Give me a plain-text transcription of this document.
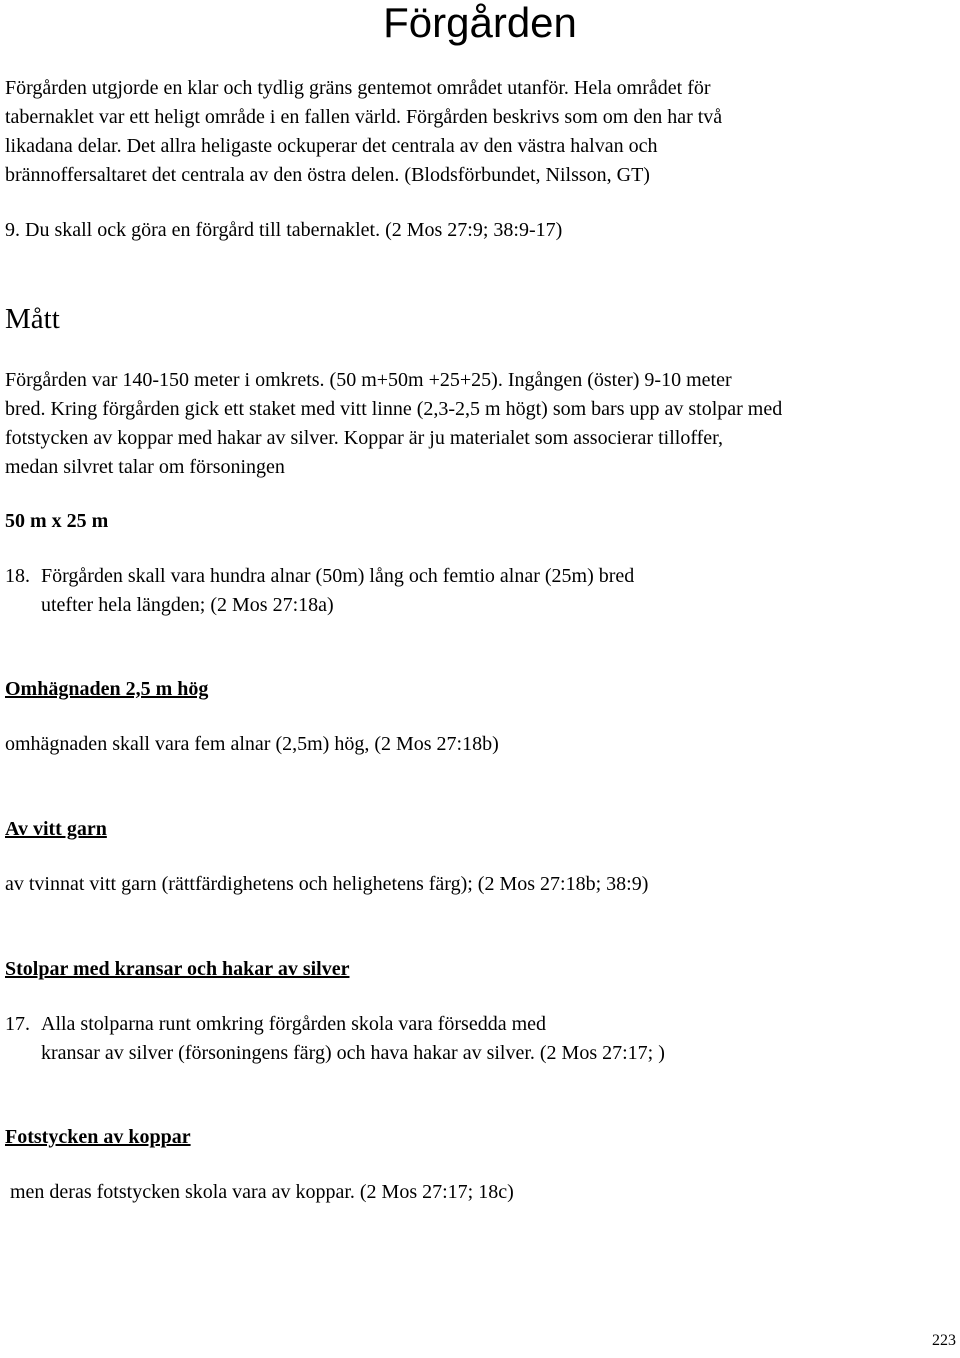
Förgården

Förgården utgjorde en klar och tydlig gräns gentemot området utanför. Hela området för
tabernaklet var ett heligt område i en fallen värld. Förgården beskrivs som om den har två
likadana delar. Det allra heligaste ockuperar det centrala av den västra halvan och
brännoffersaltaret det centrala av den östra delen. (Blodsförbundet, Nilsson, GT)

9. Du skall ock göra en förgård till tabernaklet. (2 Mos 27:9; 38:9-17)

Mått

Förgården var 140-150 meter i omkrets. (50 m+50m +25+25). Ingången (öster) 9-10 meter
bred. Kring förgården gick ett staket med vitt linne (2,3-2,5 m högt) som bars upp av stolpar med
fotstycken av koppar med hakar av silver. Koppar är ju materialet som associerar tilloffer,
medan silvret talar om försoningen

50 m x 25 m

18. Förgården skall vara hundra alnar (50m) lång och femtio alnar (25m) bred
utefter hela längden; (2 Mos 27:18a)

Omhägnaden 2,5 m hög

omhägnaden skall vara fem alnar (2,5m) hög, (2 Mos 27:18b)

Av vitt garn

av tvinnat vitt garn (rättfärdighetens och helighetens färg); (2 Mos 27:18b; 38:9)

Stolpar med kransar och hakar av silver

17. Alla stolparna runt omkring förgården skola vara försedda med
kransar av silver (försoningens färg) och hava hakar av silver. (2 Mos 27:17; )

Fotstycken av koppar

men deras fotstycken skola vara av koppar. (2 Mos 27:17; 18c)

223
